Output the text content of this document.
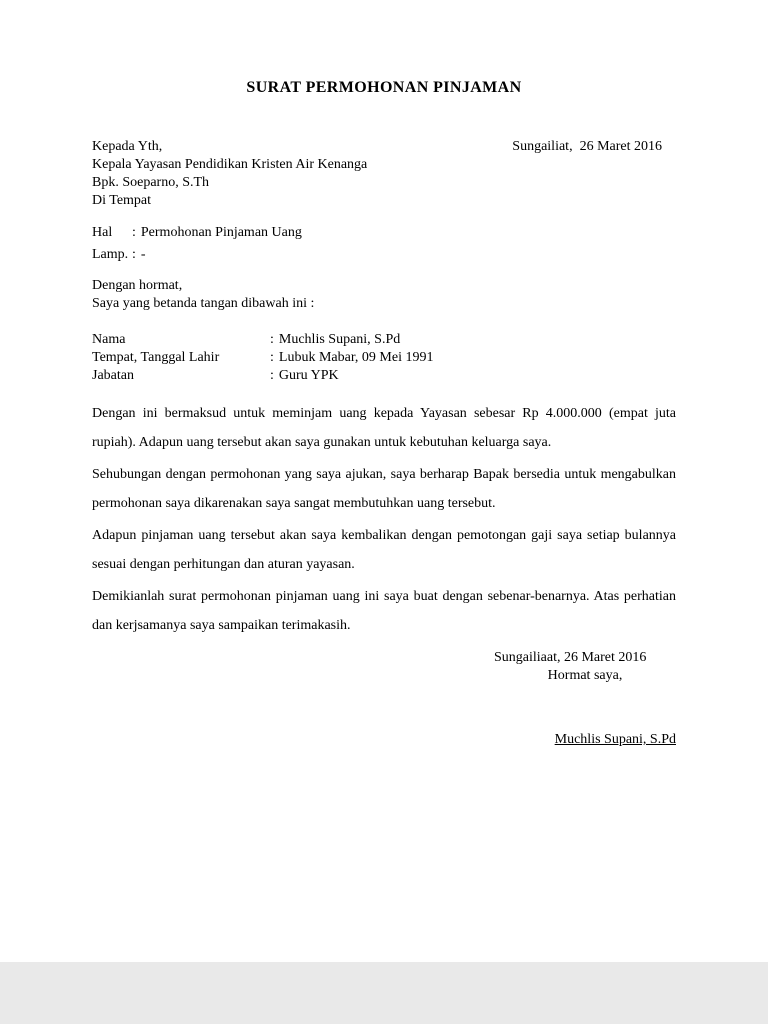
SURAT PERMOHONAN PINJAMAN
Kepada Yth,
Kepala Yayasan Pendidikan Kristen Air Kenanga
Bpk. Soeparno, S.Th
Di Tempat
Sungailiat,  26 Maret 2016
Hal	: Permohonan Pinjaman Uang
Lamp. : -
Dengan hormat,
Saya yang betanda tangan dibawah ini :
Nama	: Muchlis Supani, S.Pd
Tempat, Tanggal Lahir	: Lubuk Mabar, 09 Mei 1991
Jabatan	: Guru YPK

Dengan ini bermaksud untuk meminjam uang kepada Yayasan sebesar Rp 4.000.000 (empat juta rupiah). Adapun uang tersebut akan saya gunakan untuk kebutuhan keluarga saya.

Sehubungan dengan permohonan yang saya ajukan, saya berharap Bapak bersedia untuk mengabulkan permohonan saya dikarenakan saya sangat membutuhkan uang tersebut.

Adapun pinjaman uang tersebut akan saya kembalikan dengan pemotongan gaji saya setiap bulannya sesuai dengan perhitungan dan aturan yayasan.

Demikianlah surat permohonan pinjaman uang ini saya buat dengan sebenar-benarnya. Atas perhatian dan kerjsamanya saya sampaikan terimakasih.

Sungailiaat, 26 Maret 2016
Hormat saya,
Muchlis Supani, S.Pd
